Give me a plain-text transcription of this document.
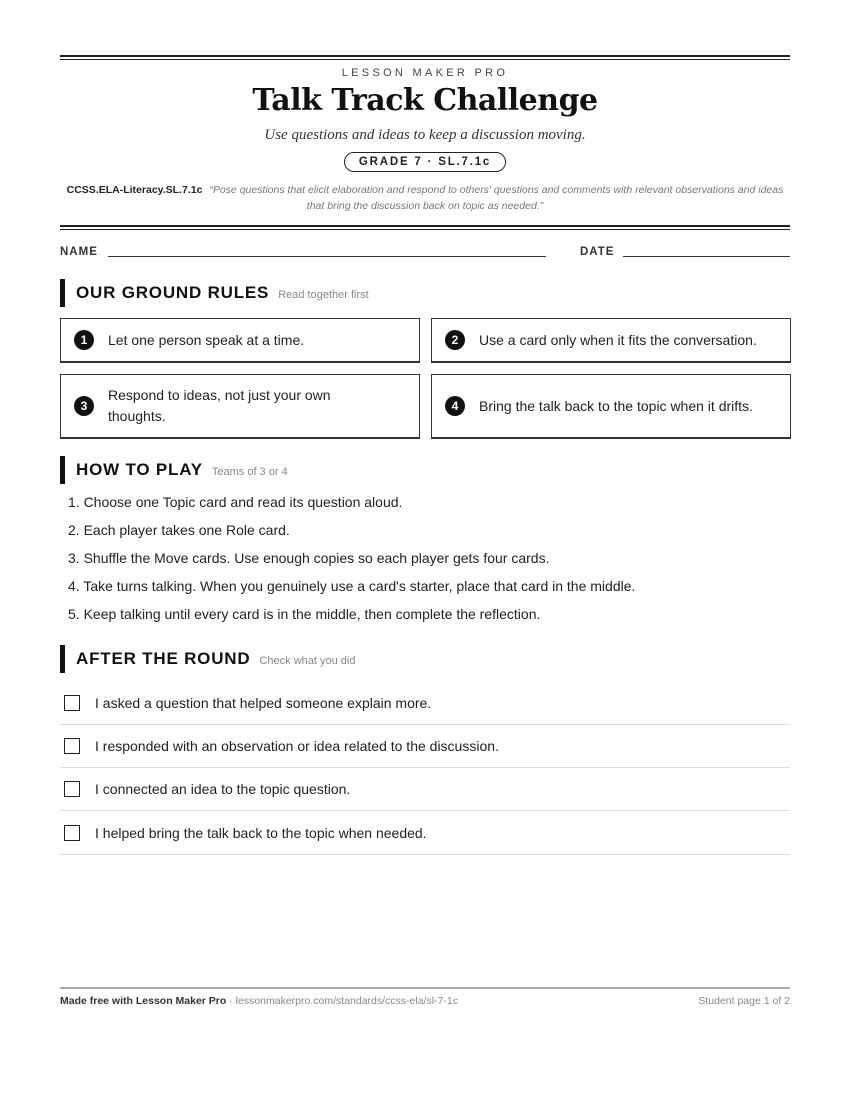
LESSON MAKER PRO
Talk Track Challenge
Use questions and ideas to keep a discussion moving.
GRADE 7 · SL.7.1c
CCSS.ELA-Literacy.SL.7.1c “Pose questions that elicit elaboration and respond to others' questions and comments with relevant observations and ideas that bring the discussion back on topic as needed.”
NAME	DATE
OUR GROUND RULES Read together first
1	Let one person speak at a time.	2	Use a card only when it fits the conversation.
3
Respond to ideas, not just your own thoughts.
4	Bring the talk back to the topic when it drifts.
HOW TO PLAY Teams of 3 or 4
1. Choose one Topic card and read its question aloud.
2. Each player takes one Role card.
3. Shuffle the Move cards. Use enough copies so each player gets four cards.
4. Take turns talking. When you genuinely use a card's starter, place that card in the middle.
5. Keep talking until every card is in the middle, then complete the reflection.
AFTER THE ROUND Check what you did
I asked a question that helped someone explain more.
I responded with an observation or idea related to the discussion.
I connected an idea to the topic question.
I helped bring the talk back to the topic when needed.
Made free with Lesson Maker Pro · lessonmakerpro.com/standards/ccss-ela/sl-7-1c	Student page 1 of 2
